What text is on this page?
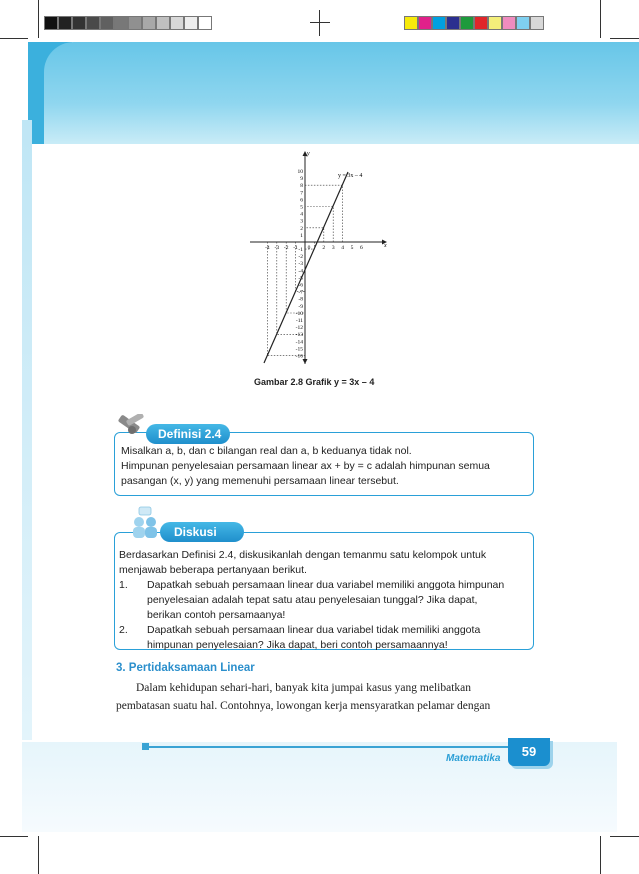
x
y
y = 3x – 4
-4 -3 -2 -1 0 2 3 4 5 6
10
9
8
7
6
5
4
3
2
1
-1
-2
-3
-4
-5
-6
-7
-8
-9
-10
-11
-12
-13
-14
-15
-16
Gambar 2.8 Grafik y = 3x – 4
Definisi 2.4
Misalkan a, b, dan c bilangan real dan a, b keduanya tidak nol.
Himpunan penyelesaian persamaan linear ax + by = c adalah himpunan semua
pasangan (x, y) yang memenuhi persamaan linear tersebut.
Diskusi
Berdasarkan Definisi 2.4, diskusikanlah dengan temanmu satu kelompok untuk
menjawab beberapa pertanyaan berikut.
1. Dapatkah sebuah persamaan linear dua variabel memiliki anggota himpunan
penyelesaian adalah tepat satu atau penyelesaian tunggal? Jika dapat,
berikan contoh persamaanya!
2. Dapatkah sebuah persamaan linear dua variabel tidak memiliki anggota
himpunan penyelesaian? Jika dapat, beri contoh persamaannya!
3. Pertidaksamaan Linear
Dalam kehidupan sehari-hari, banyak kita jumpai kasus yang melibatkan
pembatasan suatu hal. Contohnya, lowongan kerja mensyaratkan pelamar dengan
Matematika	59
